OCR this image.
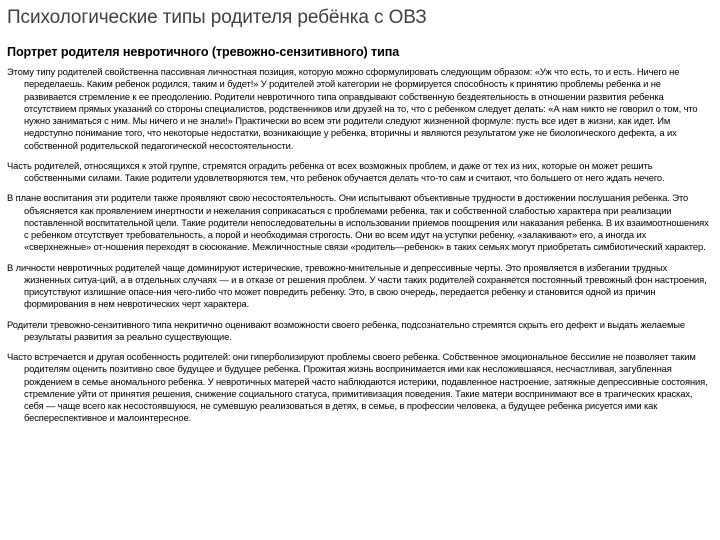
Психологические типы родителя ребёнка с ОВЗ
Портрет родителя невротичного (тревожно-сензитивного) типа

Этому типу родителей свойственна пассивная личностная позиция, которую можно сформулировать следующим образом: «Уж что есть, то и есть. Ничего не переделаешь. Каким ребенок родился, таким и будет!» У родителей этой категории не формируется способность к принятию проблемы ребенка и не развивается стремление к ее преодолению. Родители невротичного типа оправдывают собственную бездеятельность в отношении развития ребенка отсутствием прямых указаний со стороны специалистов, родственников или друзей на то, что с ребенком следует делать: «А нам никто не говорил о том, что нужно заниматься с ним. Мы ничего и не знали!» Практически во всем эти родители следуют жизненной формуле: пусть все идет в жизни, как идет. Им недоступно понимание того, что некоторые недостатки, возникающие у ребенка, вторичны и являются результатом уже не биологического дефекта, а их собственной родительской педагогической несостоятельности.

Часть родителей, относящихся к этой группе, стремятся оградить ребенка от всех возможных проблем, и даже от тех из них, которые он может решить собственными силами. Такие родители удовлетворяются тем, что ребенок обучается делать что-то сам и считают, что большего от него ждать нечего.

В плане воспитания эти родители также проявляют свою несостоятельность. Они испытывают объективные трудности в достижении послушания ребенка. Это объясняется как проявлением инертности и нежелания соприкасаться с проблемами ребенка, так и собственной слабостью характера при реализации поставленной воспитательной цели. Такие родители непоследовательны в использовании приемов поощрения или наказания ребенка. В их взаимоотношениях с ребенком отсутствует требовательность, а порой и необходимая строгость. Они во всем идут на уступки ребенку, «залакивают» его, а иногда их «сверхнежные» от-ношения переходят в сюсюкание. Межличностные связи «родитель—ребенок» в таких семьях могут приобретать симбиотический характер.

В личности невротичных родителей чаще доминируют истерические, тревожно-мнительные и депрессивные черты. Это проявляется в избегании трудных жизненных ситуа-ций, а в отдельных случаях — и в отказе от решения проблем. У части таких родителей сохраняется постоянный тревожный фон настроения, присутствуют излишние опасе-ния чего-либо что может повредить ребенку. Это, в свою очередь, передается ребенку и становится одной из причин формирования в нем невротических черт характера.

Родители тревожно-сензитивного типа некритично оценивают возможности своего ребенка, подсознательно стремятся скрыть его дефект и выдать желаемые результаты развития за реально существующие.

Часто встречается и другая особенность родителей: они гиперболизируют проблемы своего ребенка. Собственное эмоциональное бессилие не позволяет таким родителям оценить позитивно свое будущее и будущее ребенка. Прожитая жизнь воспринимается ими как несложившаяся, несчастливая, загубленная рождением в семье аномального ребенка. У невротичных матерей часто наблюдаются истерики, подавленное настроение, затяжные депрессивные состояния, стремление уйти от принятия решения, снижение социального статуса, примитивизация поведения. Такие матери воспринимают все в трагических красках, себя — чаще всего как несостоявшуюся, не сумевшую реализоваться в детях, в семье, в профессии человека, а будущее ребенка рисуется ими как беспереспективное и малоинтересное.
